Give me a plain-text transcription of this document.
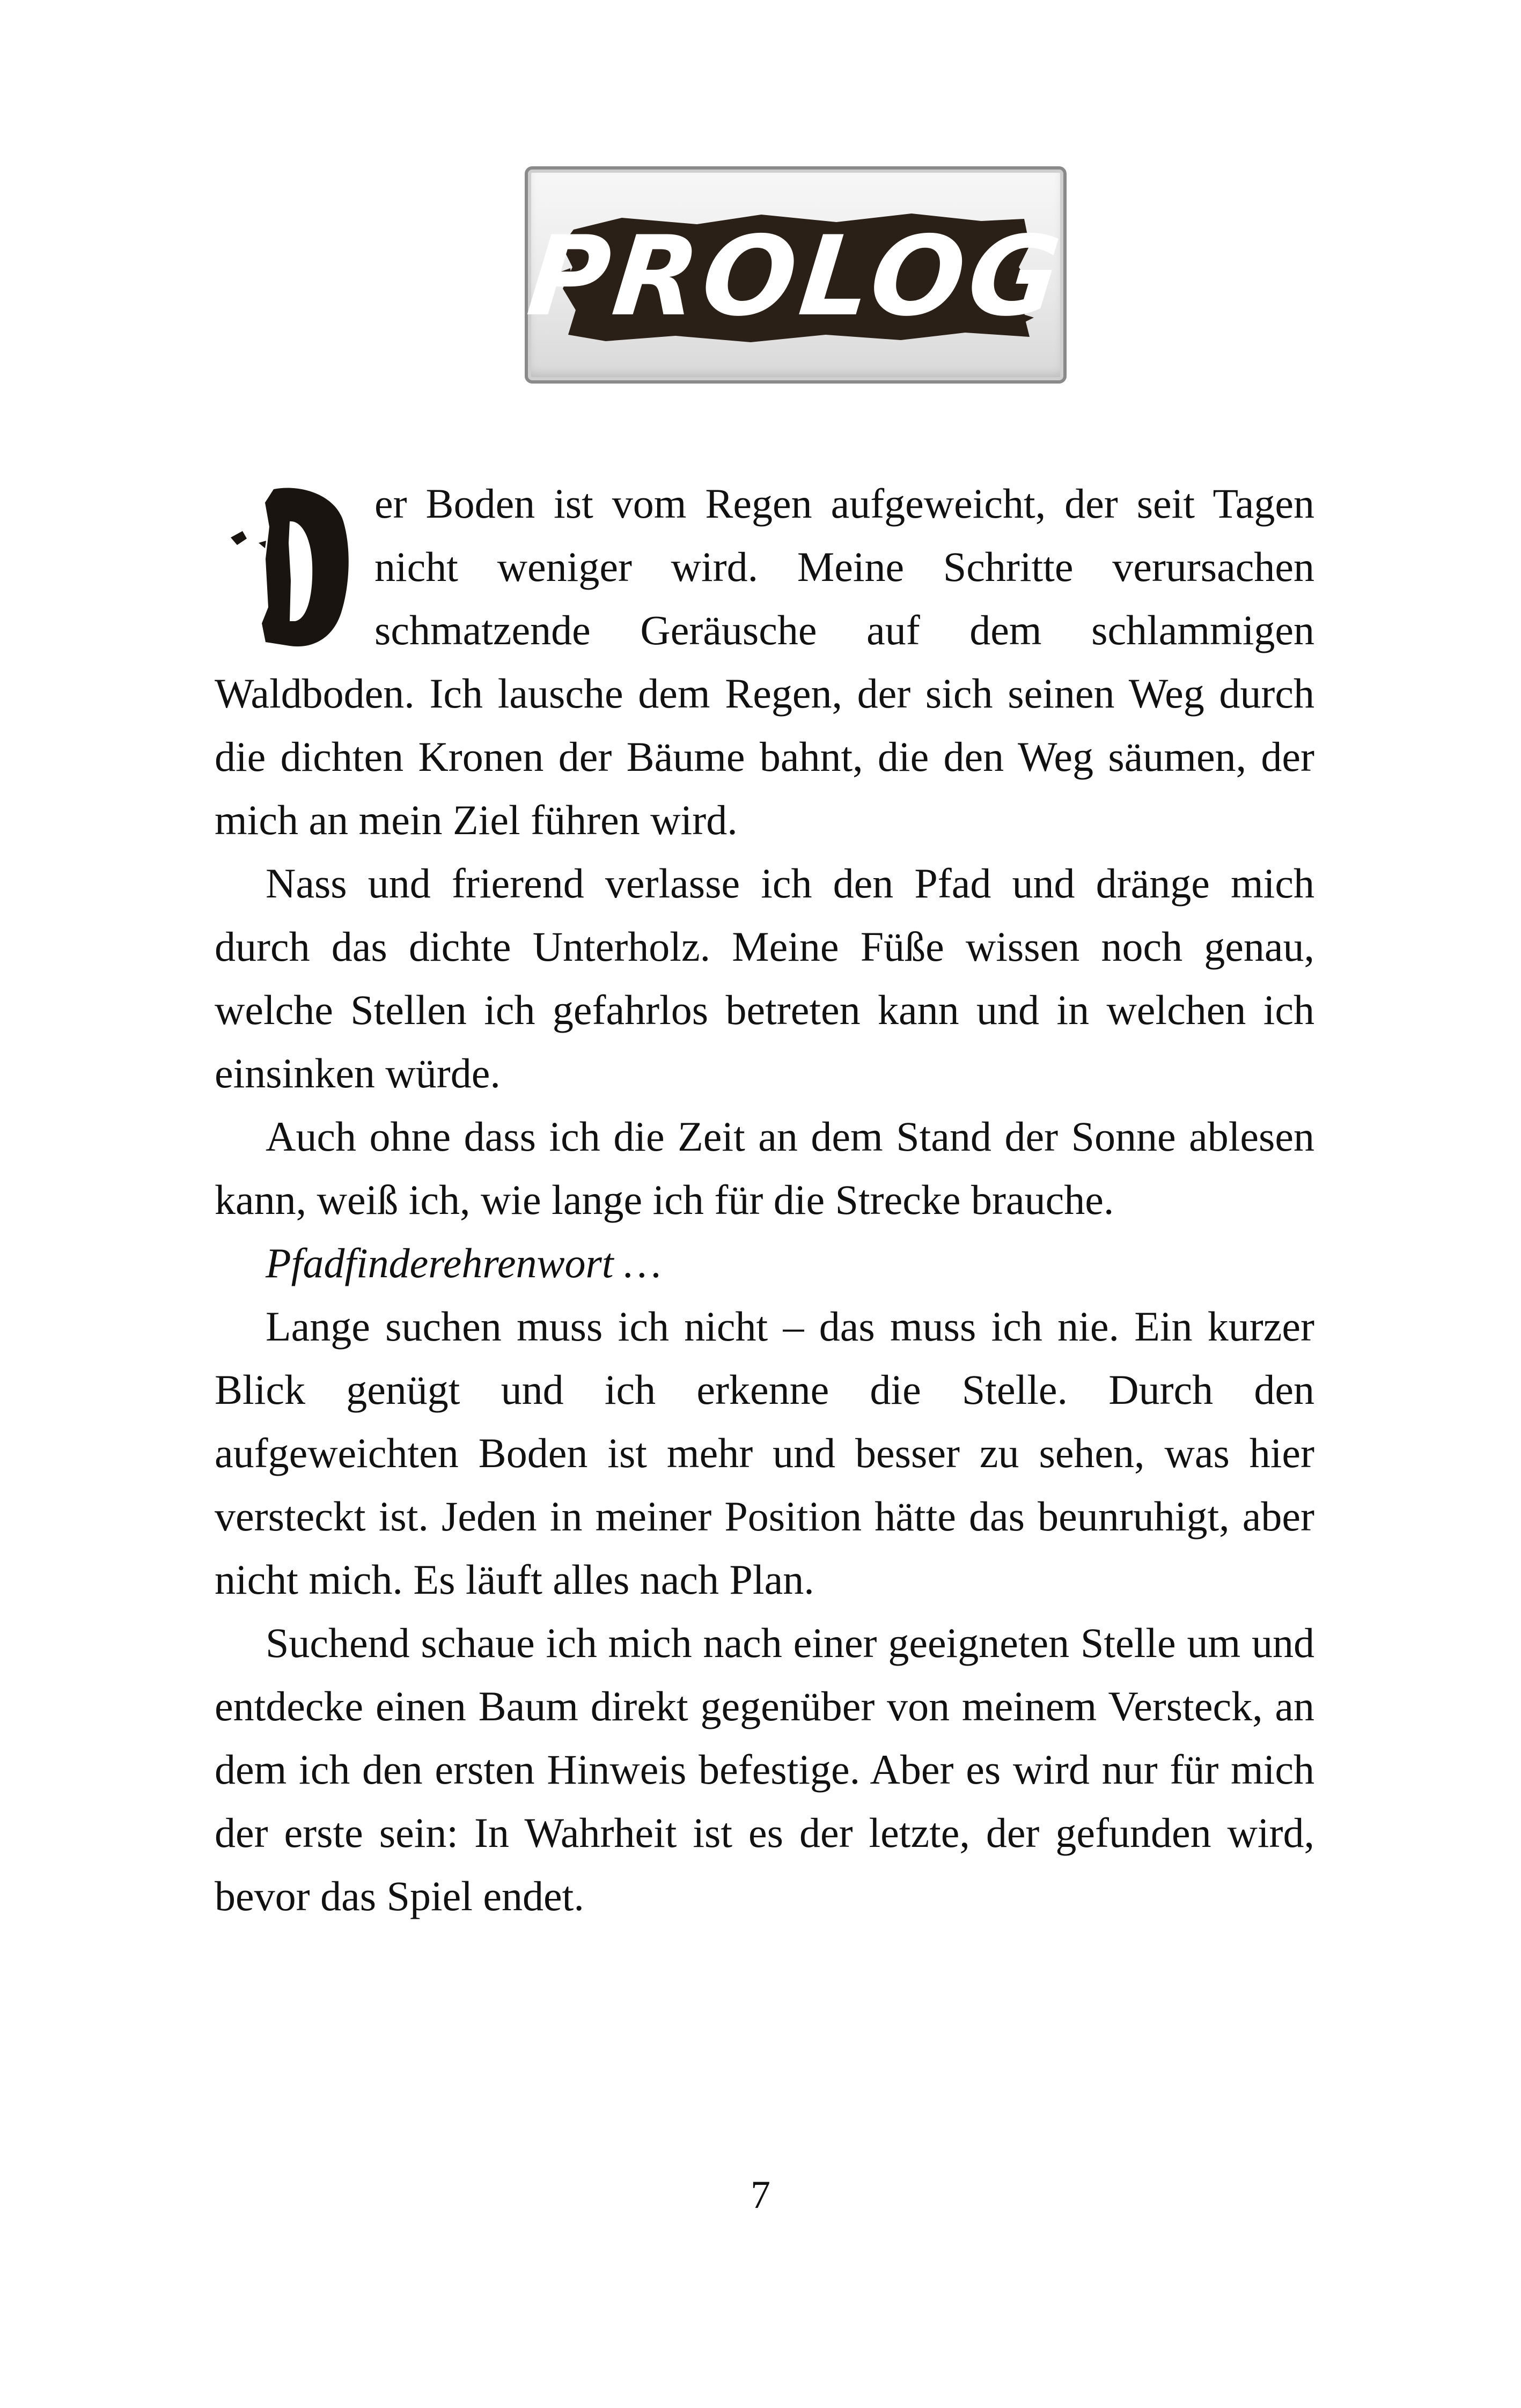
PROLOG

er Boden ist vom Regen aufgeweicht, der seit Tagen nicht weniger wird. Meine Schritte verursachen schmatzende Geräusche auf dem schlammigen Waldboden. Ich lausche dem Regen, der sich seinen Weg durch die dichten Kronen der Bäume bahnt, die den Weg säumen, der mich an mein Ziel führen wird.

Nass und frierend verlasse ich den Pfad und dränge mich durch das dichte Unterholz. Meine Füße wissen noch genau, welche Stellen ich gefahrlos betreten kann und in welchen ich einsinken würde.

Auch ohne dass ich die Zeit an dem Stand der Sonne ablesen kann, weiß ich, wie lange ich für die Strecke brauche.

Pfadfinderehrenwort …

Lange suchen muss ich nicht – das muss ich nie. Ein kurzer Blick genügt und ich erkenne die Stelle. Durch den aufgeweichten Boden ist mehr und besser zu sehen, was hier versteckt ist. Jeden in meiner Position hätte das beunruhigt, aber nicht mich. Es läuft alles nach Plan.

Suchend schaue ich mich nach einer geeigneten Stelle um und entdecke einen Baum direkt gegenüber von meinem Versteck, an dem ich den ersten Hinweis befestige. Aber es wird nur für mich der erste sein: In Wahrheit ist es der letzte, der gefunden wird, bevor das Spiel endet.

7
